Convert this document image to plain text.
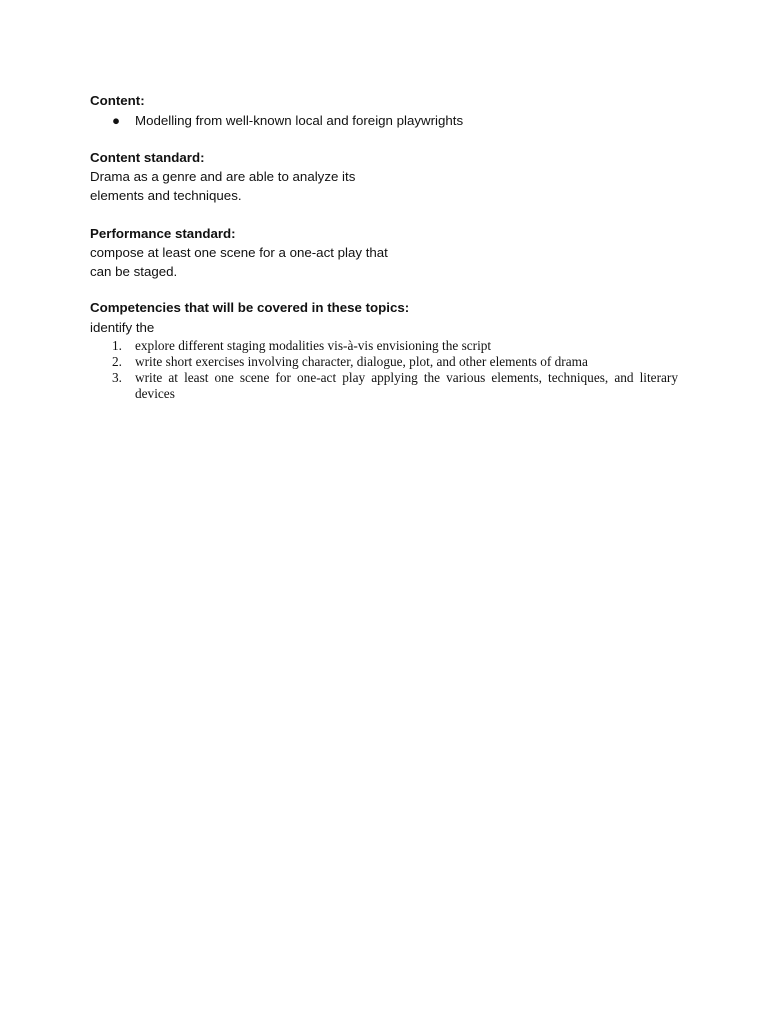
Content:
●	Modelling from well-known local and foreign playwrights
Content standard:
Drama as a genre and are able to analyze its
elements and techniques.
Performance standard:
compose at least one scene for a one-act play that
can be staged.
Competencies that will be covered in these topics:
identify the
1. explore different staging modalities vis-à-vis envisioning the script
2. write short exercises involving character, dialogue, plot, and other elements of drama
3. write at least one scene for one-act play applying the various elements, techniques, and literary devices
